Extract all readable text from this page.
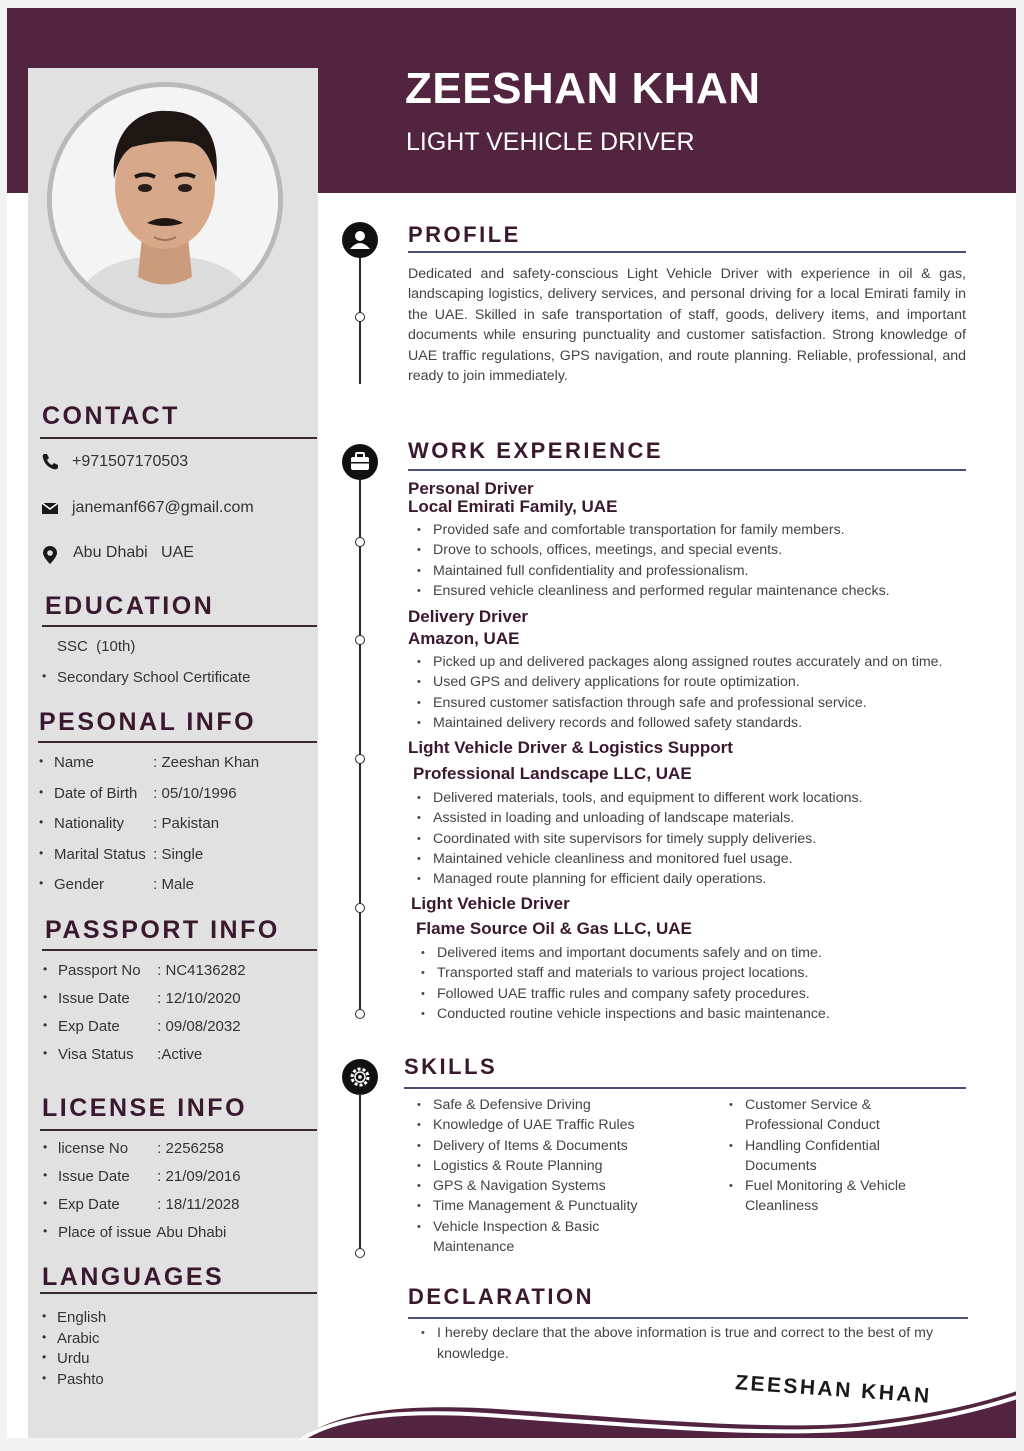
ZEESHAN KHAN

LIGHT VEHICLE DRIVER

CONTACT
+971507170503
janemanf667@gmail.com
Abu Dhabi   UAE
EDUCATION
SSC  (10th)
• Secondary School Certificate
PESONAL INFO
• Name	: Zeeshan Khan
• Date of Birth : 05/10/1996
• Nationality : Pakistan
• Marital Status : Single
• Gender	: Male
PASSPORT INFO
• Passport No : NC4136282
• Issue Date : 12/10/2020
• Exp Date : 09/08/2032
• Visa Status :Active
LICENSE INFO
• license No : 2256258
• Issue Date : 21/09/2016
• Exp Date : 18/11/2028
• Place of issue Abu Dhabi
LANGUAGES
• English
• Arabic
• Urdu
• Pashto
PROFILE
Dedicated and safety-conscious Light Vehicle Driver with experience in oil & gas, landscaping logistics, delivery services, and personal driving for a local Emirati family in the UAE. Skilled in safe transportation of staff, goods, delivery items, and important documents while ensuring punctuality and customer satisfaction. Strong knowledge of UAE traffic regulations, GPS navigation, and route planning. Reliable, professional, and ready to join immediately.
WORK EXPERIENCE
Personal Driver
Local Emirati Family, UAE
• Provided safe and comfortable transportation for family members.
• Drove to schools, offices, meetings, and special events.
• Maintained full confidentiality and professionalism.
• Ensured vehicle cleanliness and performed regular maintenance checks.
Delivery Driver
Amazon, UAE
• Picked up and delivered packages along assigned routes accurately and on time.
• Used GPS and delivery applications for route optimization.
• Ensured customer satisfaction through safe and professional service.
• Maintained delivery records and followed safety standards.
Light Vehicle Driver & Logistics Support
Professional Landscape LLC, UAE
• Delivered materials, tools, and equipment to different work locations.
• Assisted in loading and unloading of landscape materials.
• Coordinated with site supervisors for timely supply deliveries.
• Maintained vehicle cleanliness and monitored fuel usage.
• Managed route planning for efficient daily operations.
Light Vehicle Driver
Flame Source Oil & Gas LLC, UAE
• Delivered items and important documents safely and on time.
• Transported staff and materials to various project locations.
• Followed UAE traffic rules and company safety procedures.
• Conducted routine vehicle inspections and basic maintenance.
SKILLS
• Safe & Defensive Driving
• Knowledge of UAE Traffic Rules
• Delivery of Items & Documents
• Logistics & Route Planning
• GPS & Navigation Systems
• Time Management & Punctuality
• Vehicle Inspection & Basic
Maintenance
• Customer Service &
Professional Conduct
• Handling Confidential
Documents
• Fuel Monitoring & Vehicle
Cleanliness
DECLARATION
• I hereby declare that the above information is true and correct to the best of my
knowledge.
ZEESHAN KHAN
